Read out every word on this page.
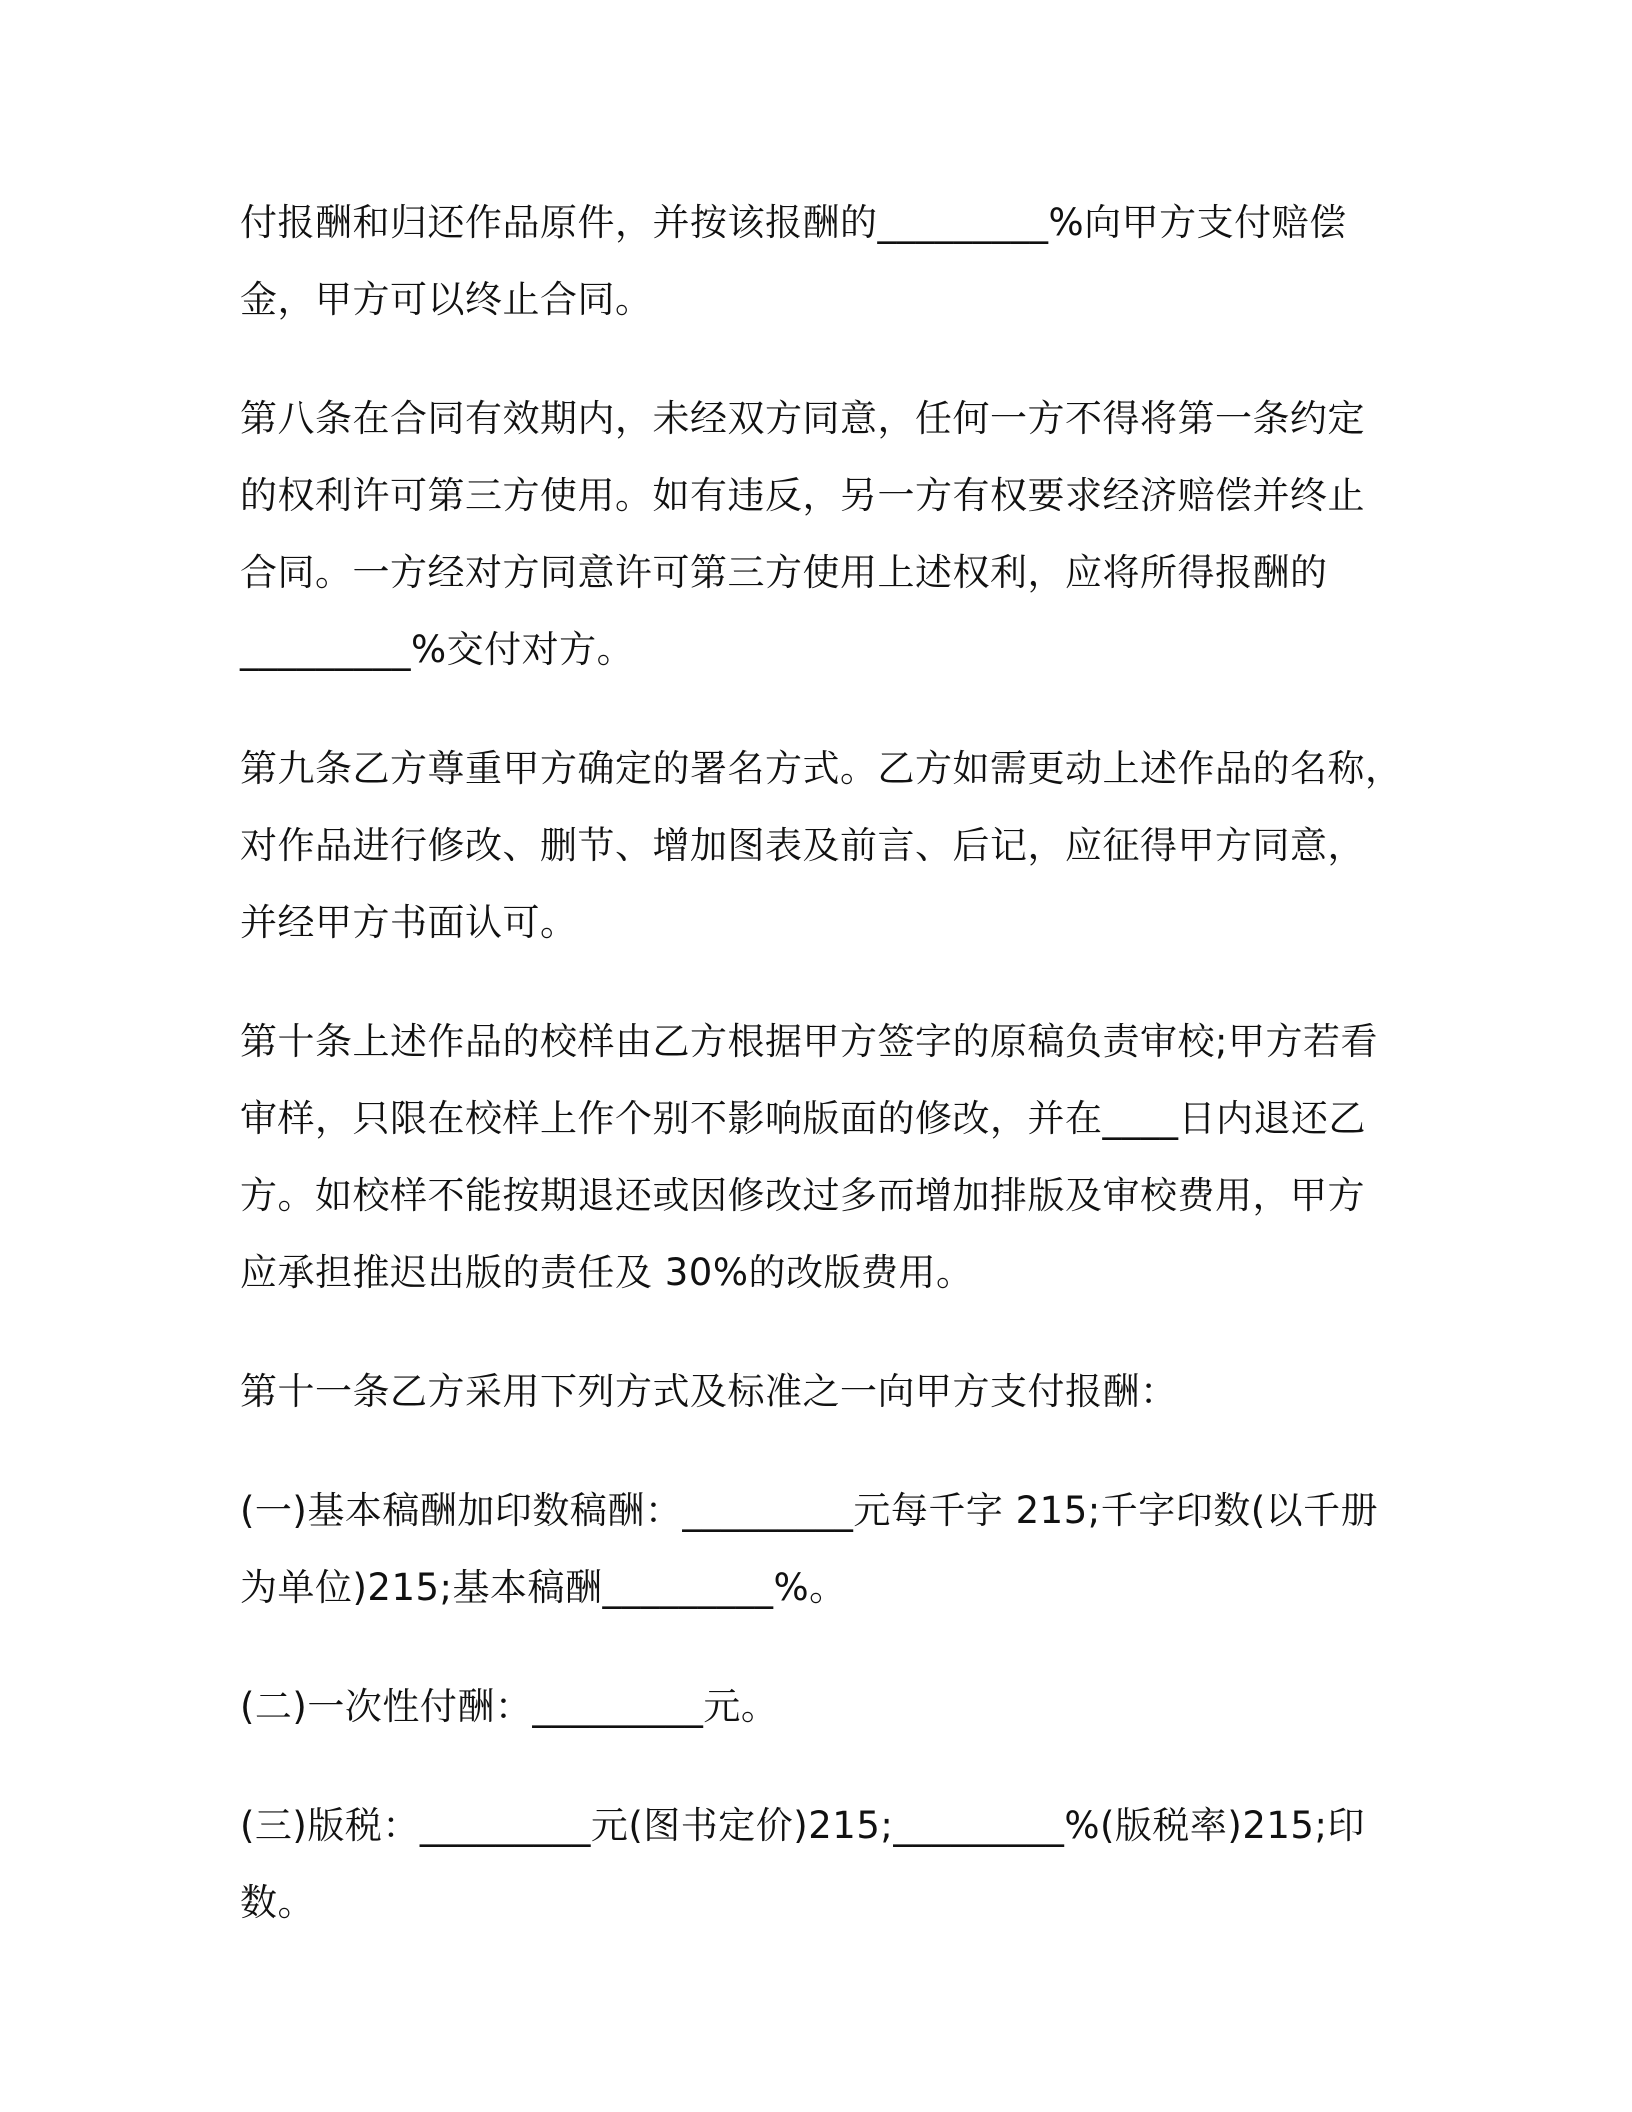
付报酬和归还作品原件，并按该报酬的_________%向甲方支付赔偿
金，甲方可以终止合同。

第八条在合同有效期内，未经双方同意，任何一方不得将第一条约定
的权利许可第三方使用。如有违反，另一方有权要求经济赔偿并终止
合同。一方经对方同意许可第三方使用上述权利，应将所得报酬的
_________%交付对方。

第九条乙方尊重甲方确定的署名方式。乙方如需更动上述作品的名称，
对作品进行修改、删节、增加图表及前言、后记，应征得甲方同意，
并经甲方书面认可。

第十条上述作品的校样由乙方根据甲方签字的原稿负责审校;甲方若看
审样，只限在校样上作个别不影响版面的修改，并在____日内退还乙
方。如校样不能按期退还或因修改过多而增加排版及审校费用，甲方
应承担推迟出版的责任及 30%的改版费用。

第十一条乙方采用下列方式及标准之一向甲方支付报酬：

(一)基本稿酬加印数稿酬：_________元每千字 215;千字印数(以千册
为单位)215;基本稿酬_________%。

(二)一次性付酬：_________元。

(三)版税：_________元(图书定价)215;_________%(版税率)215;印
数。
